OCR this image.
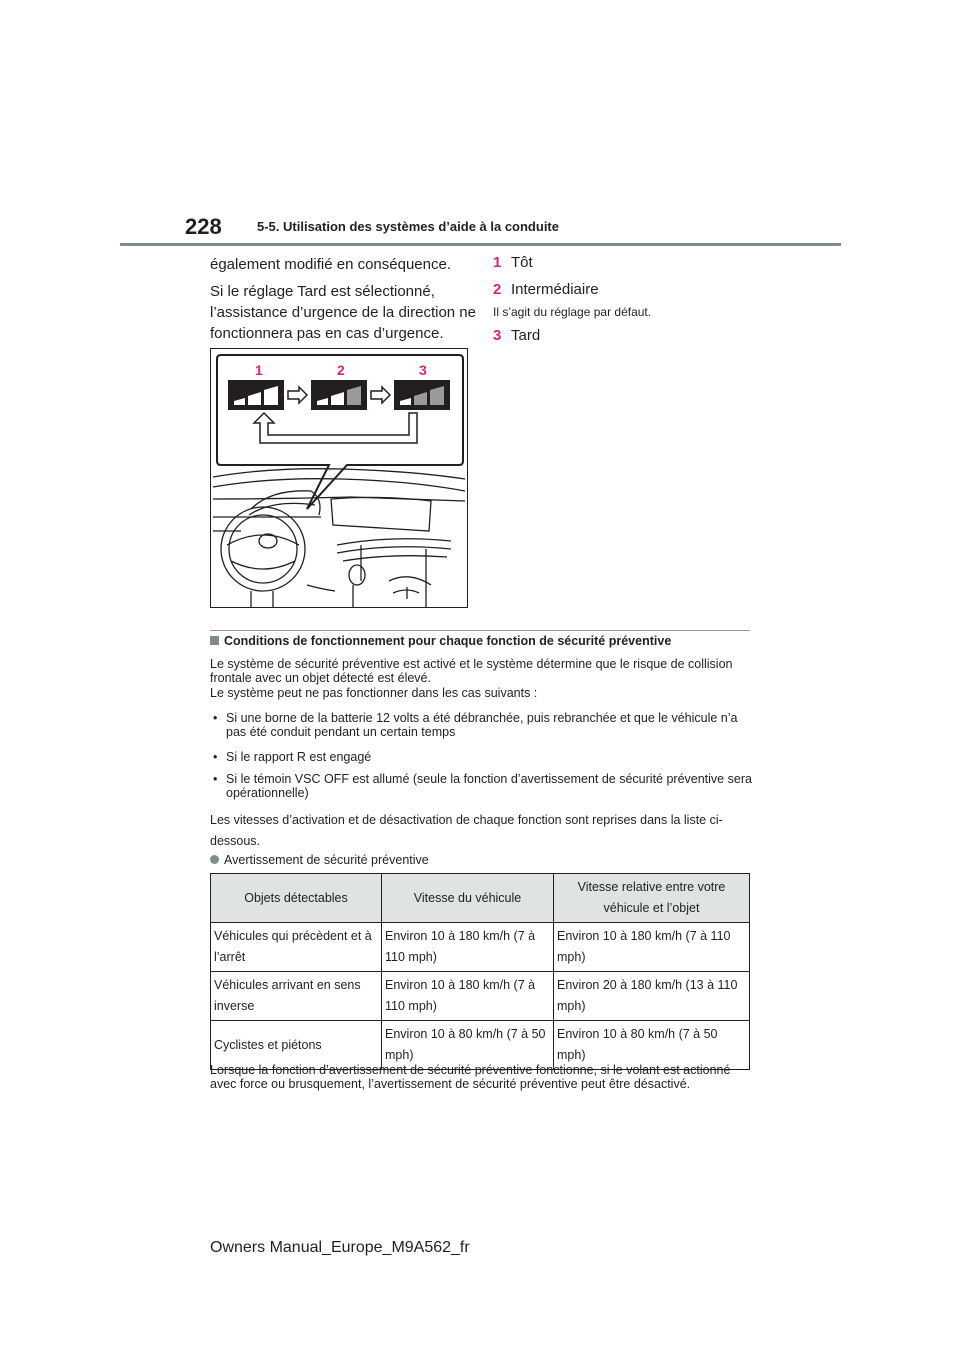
228	5-5. Utilisation des systèmes d’aide à la conduite
également modifié en conséquence.
Si le réglage Tard est sélectionné, l’assistance d’urgence de la direction ne fonctionnera pas en cas d’urgence.
1 Tôt
2 Intermédiaire
Il s’agit du réglage par défaut.
3 Tard
1	2	3
Conditions de fonctionnement pour chaque fonction de sécurité préventive
Le système de sécurité préventive est activé et le système détermine que le risque de collision frontale avec un objet détecté est élevé.
Le système peut ne pas fonctionner dans les cas suivants :
• Si une borne de la batterie 12 volts a été débranchée, puis rebranchée et que le véhicule n’a pas été conduit pendant un certain temps
• Si le rapport R est engagé
• Si le témoin VSC OFF est allumé (seule la fonction d’avertissement de sécurité préventive sera opérationnelle)
Les vitesses d’activation et de désactivation de chaque fonction sont reprises dans la liste ci-dessous.
Avertissement de sécurité préventive
Objets détectables	Vitesse du véhicule	Vitesse relative entre votre véhicule et l’objet
Véhicules qui précèdent et à l’arrêt	Environ 10 à 180 km/h (7 à 110 mph)	Environ 10 à 180 km/h (7 à 110 mph)
Véhicules arrivant en sens inverse	Environ 10 à 180 km/h (7 à 110 mph)	Environ 20 à 180 km/h (13 à 110 mph)
Cyclistes et piétons	Environ 10 à 80 km/h (7 à 50 mph)	Environ 10 à 80 km/h (7 à 50 mph)
Lorsque la fonction d’avertissement de sécurité préventive fonctionne, si le volant est actionné avec force ou brusquement, l’avertissement de sécurité préventive peut être désactivé.
Owners Manual_Europe_M9A562_fr
